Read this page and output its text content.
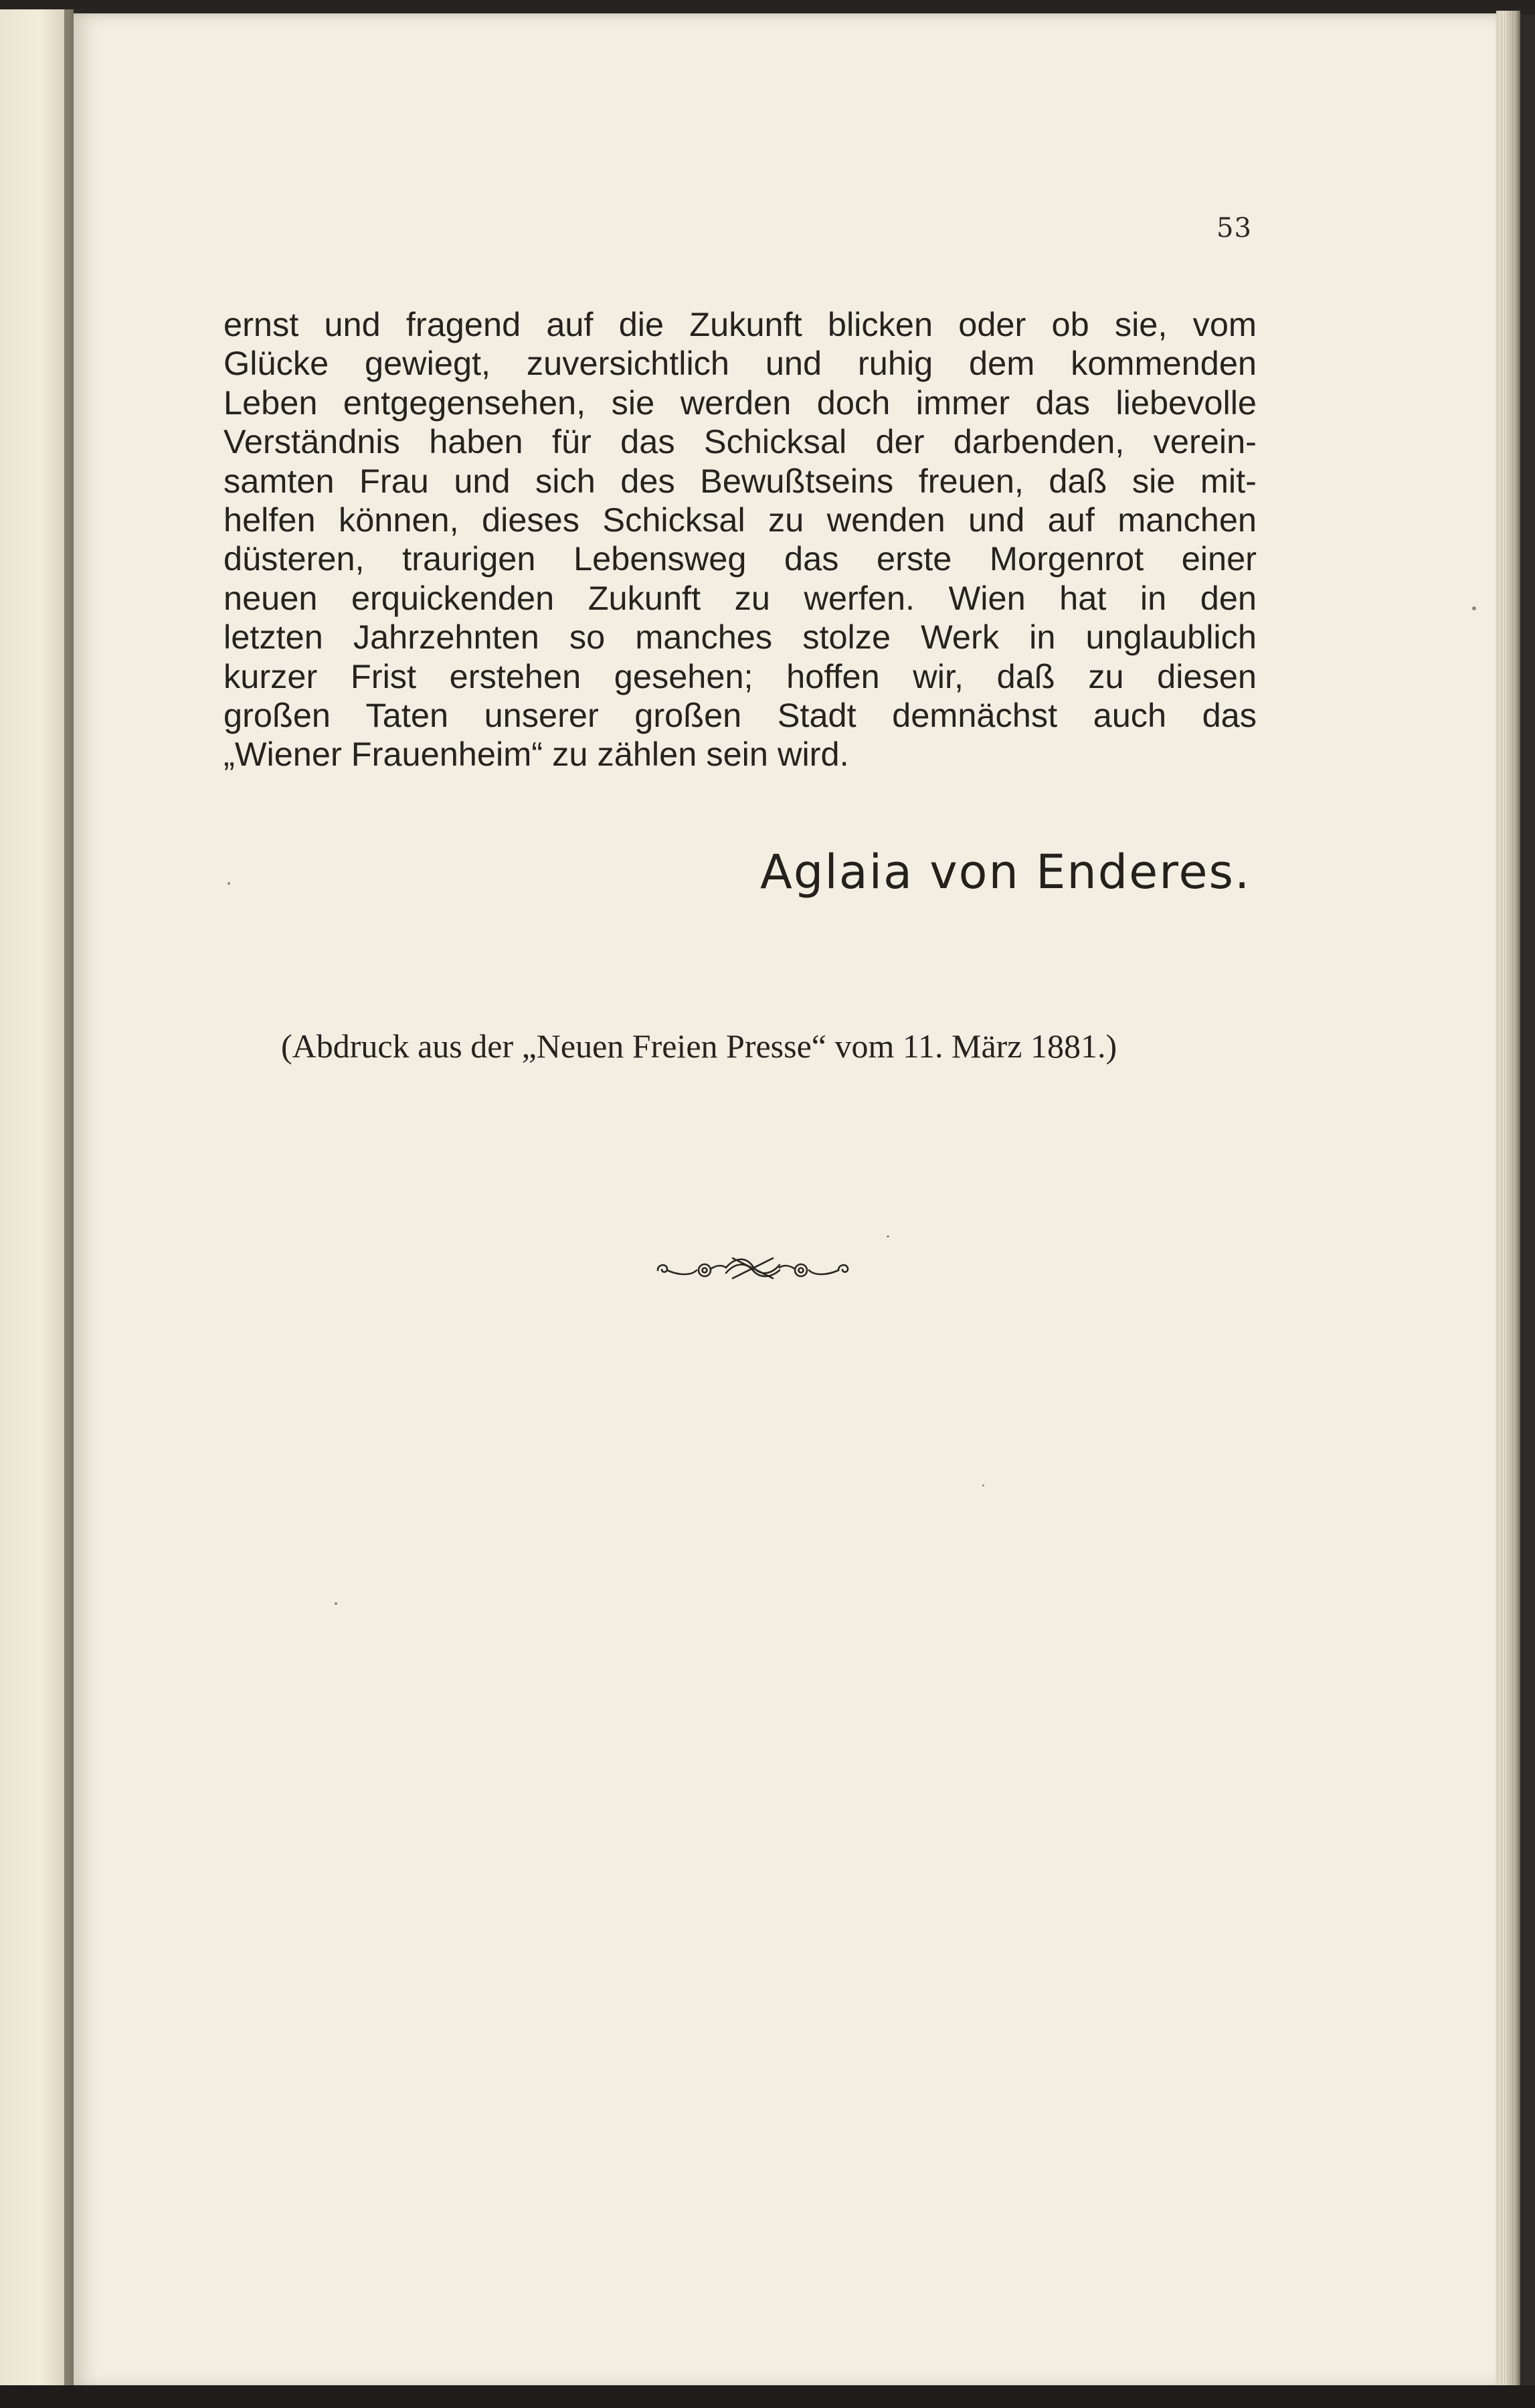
53
ernst und fragend auf die Zukunft blicken oder ob sie, vom
Glücke gewiegt, zuversichtlich und ruhig dem kommenden
Leben entgegensehen, sie werden doch immer das liebevolle
Verständnis haben für das Schicksal der darbenden, verein-
samten Frau und sich des Bewußtseins freuen, daß sie mit-
helfen können, dieses Schicksal zu wenden und auf manchen
düsteren, traurigen Lebensweg das erste Morgenrot einer
neuen erquickenden Zukunft zu werfen. Wien hat in den
letzten Jahrzehnten so manches stolze Werk in unglaublich
kurzer Frist erstehen gesehen; hoffen wir, daß zu diesen
großen Taten unserer großen Stadt demnächst auch das
„Wiener Frauenheim“ zu zählen sein wird.
Aglaia von Enderes.
(Abdruck aus der „Neuen Freien Presse“ vom 11. März 1881.)
